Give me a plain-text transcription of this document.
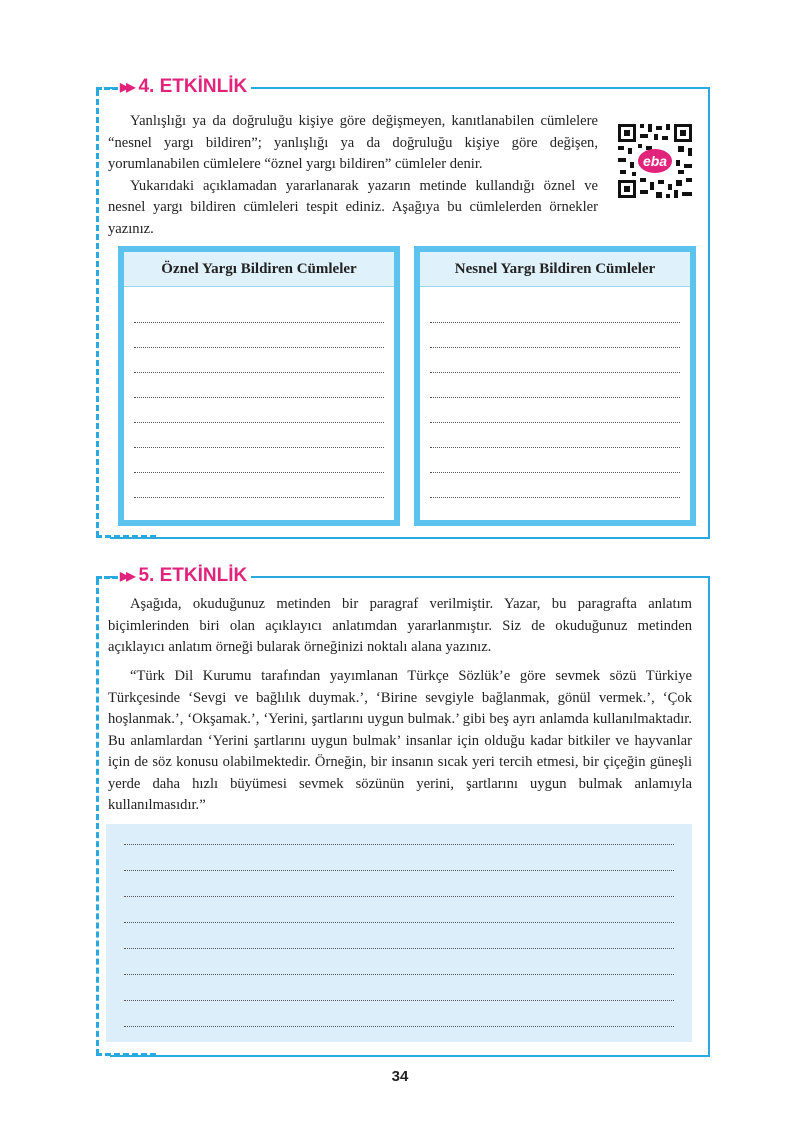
▶▶ 4. ETKİNLİK

Yanlışlığı ya da doğruluğu kişiye göre değişmeyen, kanıtlanabilen cümlelere “nesnel yargı bildiren”; yanlışlığı ya da doğruluğu kişiye göre değişen, yorumlanabilen cümlelere “öznel yargı bildiren” cümleler denir.

Yukarıdaki açıklamadan yararlanarak yazarın metinde kullandığı öznel ve nesnel yargı bildiren cümleleri tespit ediniz. Aşağıya bu cümlelerden örnekler yazınız.

eba
Öznel Yargı Bildiren Cümleler	Nesnel Yargı Bildiren Cümleler
▶▶ 5. ETKİNLİK

Aşağıda, okuduğunuz metinden bir paragraf verilmiştir. Yazar, bu paragrafta anlatım biçimlerinden biri olan açıklayıcı anlatımdan yararlanmıştır. Siz de okuduğunuz metinden açıklayıcı anlatım örneği bularak örneğinizi noktalı alana yazınız.

“Türk Dil Kurumu tarafından yayımlanan Türkçe Sözlük’e göre sevmek sözü Türkiye Türkçesinde ‘Sevgi ve bağlılık duymak.’, ‘Birine sevgiyle bağlanmak, gönül vermek.’, ‘Çok hoşlanmak.’, ‘Okşamak.’, ‘Yerini, şartlarını uygun bulmak.’ gibi beş ayrı anlamda kullanılmaktadır. Bu anlamlardan ‘Yerini şartlarını uygun bulmak’ insanlar için olduğu kadar bitkiler ve hayvanlar için de söz konusu olabilmektedir. Örneğin, bir insanın sıcak yeri tercih etmesi, bir çiçeğin güneşli yerde daha hızlı büyümesi sevmek sözünün yerini, şartlarını uygun bulmak anlamıyla kullanılmasıdır.”

34
